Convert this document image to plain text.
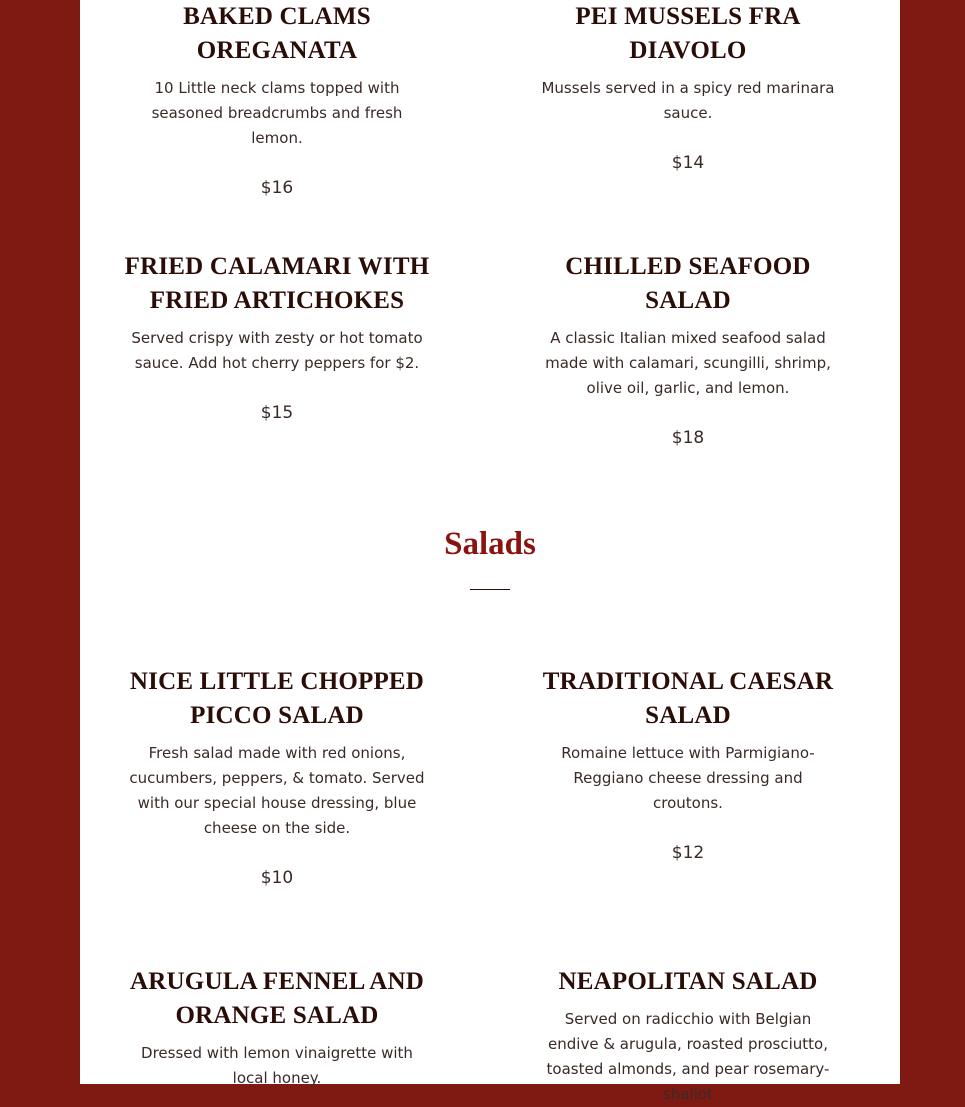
BAKED CLAMS OREGANATA

10 Little neck clams topped with seasoned breadcrumbs and fresh lemon.

$16
PEI MUSSELS FRA DIAVOLO

Mussels served in a spicy red marinara sauce.

$14
FRIED CALAMARI WITH FRIED ARTICHOKES

Served crispy with zesty or hot tomato sauce. Add hot cherry peppers for $2.

$15
CHILLED SEAFOOD SALAD

A classic Italian mixed seafood salad made with calamari, scungilli, shrimp, olive oil, garlic, and lemon.

$18
Salads
NICE LITTLE CHOPPED PICCO SALAD

Fresh salad made with red onions, cucumbers, peppers, & tomato. Served with our special house dressing, blue cheese on the side.

$10
TRADITIONAL CAESAR SALAD

Romaine lettuce with Parmigiano-Reggiano cheese dressing and croutons.

$12
ARUGULA FENNEL AND ORANGE SALAD

Dressed with lemon vinaigrette with local honey.

NEAPOLITAN SALAD

Served on radicchio with Belgian endive & arugula, roasted prosciutto, toasted almonds, and pear rosemary-shallot
